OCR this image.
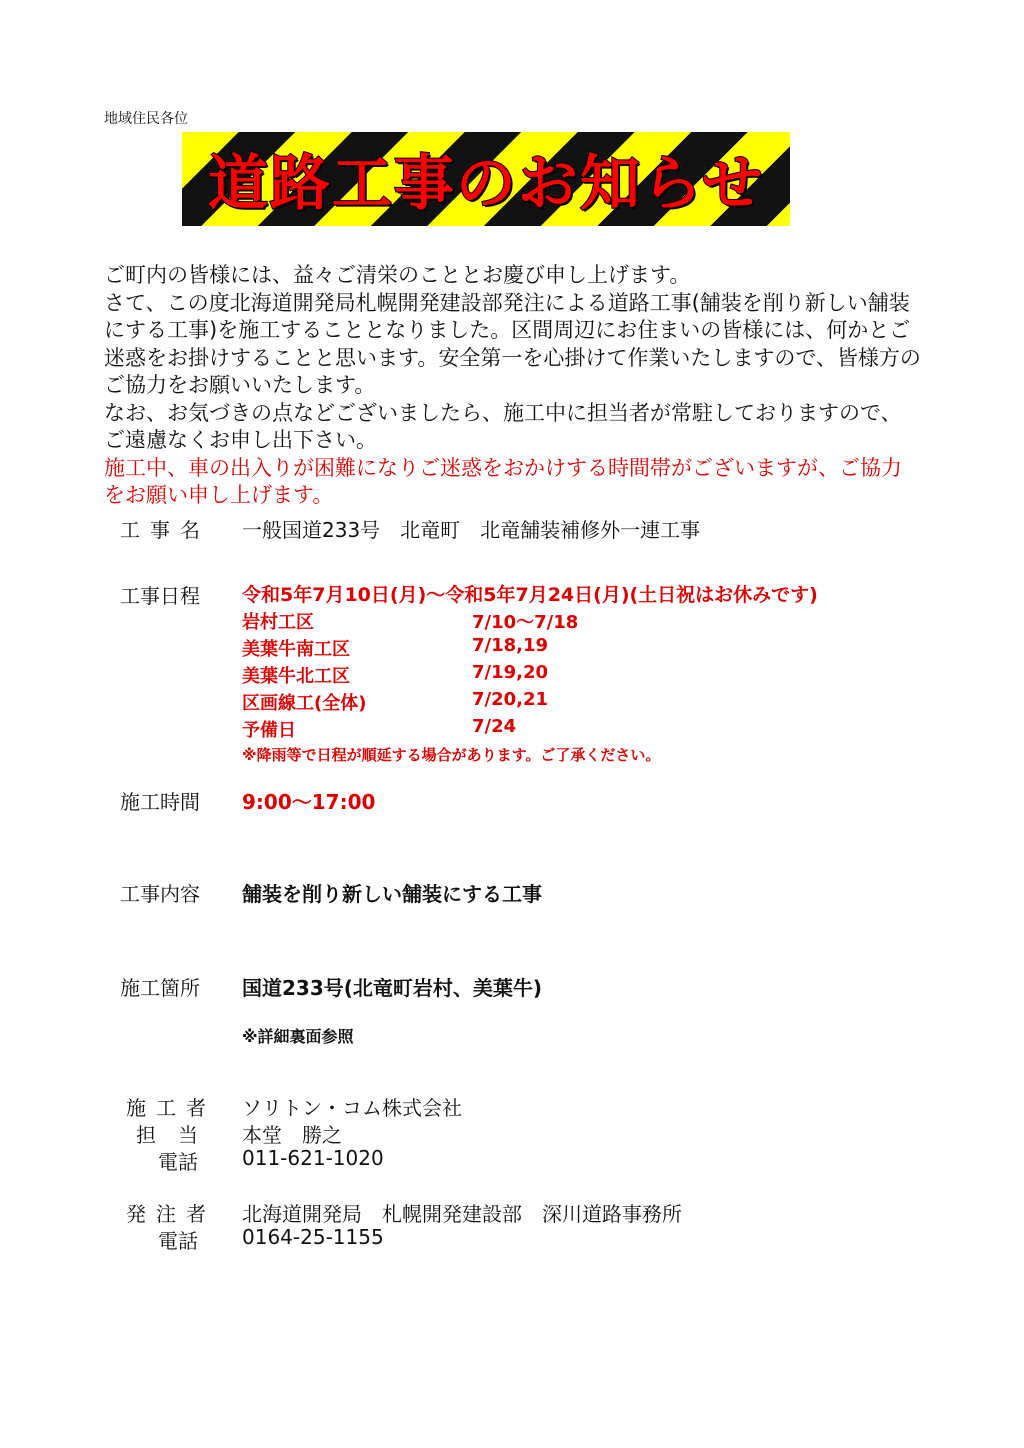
地域住民各位
道路工事のお知らせ

ご町内の皆様には、益々ご清栄のこととお慶び申し上げます。

さて、この度北海道開発局札幌開発建設部発注による道路工事(舗装を削り新しい舗装にする工事)を施工することとなりました。区間周辺にお住まいの皆様には、何かとご迷惑をお掛けすることと思います。安全第一を心掛けて作業いたしますので、皆様方のご協力をお願いいたします。

なお、お気づきの点などございましたら、施工中に担当者が常駐しておりますので、ご遠慮なくお申し出下さい。

施工中、車の出入りが困難になりご迷惑をおかけする時間帯がございますが、ご協力をお願い申し上げます。

工事名	一般国道233号　北竜町　北竜舗装補修外一連工事
工事日程	令和5年7月10日(月)～令和5年7月24日(月)(土日祝はお休みです)
岩村工区	7/10～7/18
美葉牛南工区	7/18,19
美葉牛北工区	7/19,20
区画線工(全体)	7/20,21
予備日	7/24
※降雨等で日程が順延する場合があります。ご了承ください。
施工時間	9:00～17:00
工事内容	舗装を削り新しい舗装にする工事
施工箇所	国道233号(北竜町岩村、美葉牛)
※詳細裏面参照
施工者	ソリトン・コム株式会社
担当	本堂　勝之
電話	011-621-1020
発注者	北海道開発局　札幌開発建設部　深川道路事務所
電話	0164-25-1155
